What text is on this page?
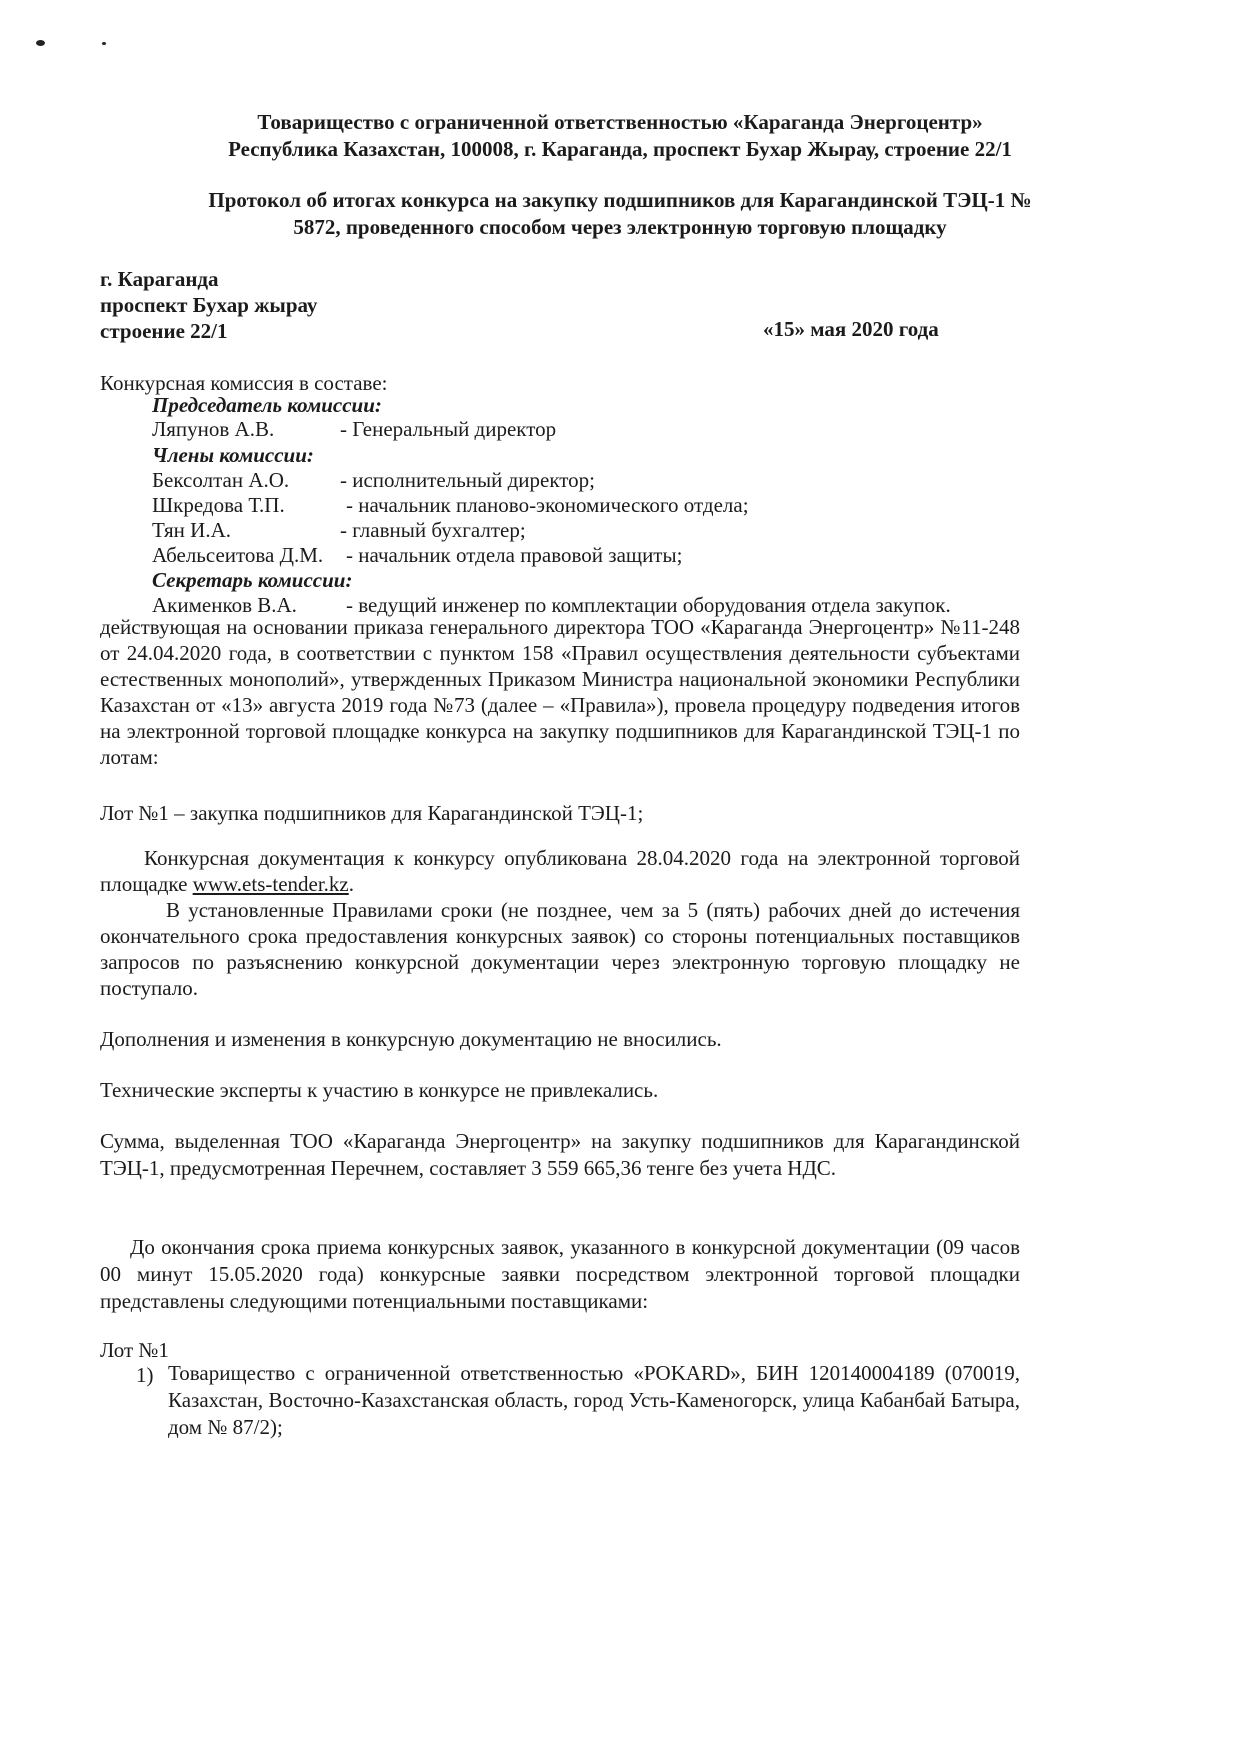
Товарищество с ограниченной ответственностью «Караганда Энергоцентр»
Республика Казахстан, 100008, г. Караганда, проспект Бухар Жырау, строение 22/1
Протокол об итогах конкурса на закупку подшипников для Карагандинской ТЭЦ-1 №
5872, проведенного способом через электронную торговую площадку
г. Караганда
проспект Бухар жырау
строение 22/1	«15» мая 2020 года
Конкурсная комиссия в составе:
Председатель комиссии:
Ляпунов А.В.	- Генеральный директор
Члены комиссии:
Бексолтан А.О. - исполнительный директор;
Шкредова Т.П.	- начальник планово-экономического отдела;
Тян И.А.	- главный бухгалтер;
Абельсеитова Д.М. - начальник отдела правовой защиты;
Секретарь комиссии:
Акименков В.А. - ведущий инженер по комплектации оборудования отдела закупок.
действующая на основании приказа генерального директора ТОО «Караганда Энергоцентр» №11-248 от 24.04.2020 года, в соответствии с пунктом 158 «Правил осуществления деятельности субъектами естественных монополий», утвержденных Приказом Министра национальной экономики Республики Казахстан от «13» августа 2019 года №73 (далее – «Правила»), провела процедуру подведения итогов на электронной торговой площадке конкурса на закупку подшипников для Карагандинской ТЭЦ-1 по лотам:
Лот №1 – закупка подшипников для Карагандинской ТЭЦ-1;
Конкурсная документация к конкурсу опубликована 28.04.2020 года на электронной торговой площадке www.ets-tender.kz.
В установленные Правилами сроки (не позднее, чем за 5 (пять) рабочих дней до истечения окончательного срока предоставления конкурсных заявок) со стороны потенциальных поставщиков запросов по разъяснению конкурсной документации через электронную торговую площадку не поступало.
Дополнения и изменения в конкурсную документацию не вносились.
Технические эксперты к участию в конкурсе не привлекались.
Сумма, выделенная ТОО «Караганда Энергоцентр» на закупку подшипников для Карагандинской ТЭЦ-1, предусмотренная Перечнем, составляет 3 559 665,36 тенге без учета НДС.
До окончания срока приема конкурсных заявок, указанного в конкурсной документации (09 часов 00 минут 15.05.2020 года) конкурсные заявки посредством электронной торговой площадки представлены следующими потенциальными поставщиками:
Лот №1
1) Товарищество с ограниченной ответственностью «POKARD», БИН 120140004189 (070019, Казахстан, Восточно-Казахстанская область, город Усть-Каменогорск, улица Кабанбай Батыра, дом № 87/2);
